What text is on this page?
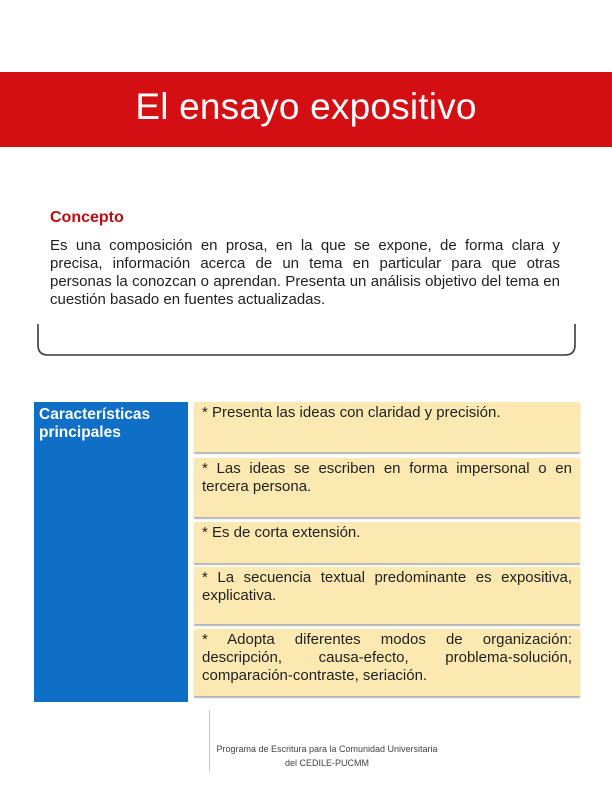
El ensayo expositivo
Concepto
Es una composición en prosa, en la que se expone, de forma clara y precisa, información acerca de un tema en particular para que otras personas la conozcan o aprendan. Presenta un análisis objetivo del tema en cuestión basado en fuentes actualizadas.
Características principales
* Presenta las ideas con claridad y precisión.
* Las ideas se escriben en forma impersonal o en tercera persona.
* Es de corta extensión.
* La secuencia textual predominante es expositiva, explicativa.
* Adopta diferentes modos de organización: descripción, causa-efecto, problema-solución, comparación-contraste, seriación.
Programa de Escritura para la Comunidad Universitaria
del CEDILE-PUCMM
